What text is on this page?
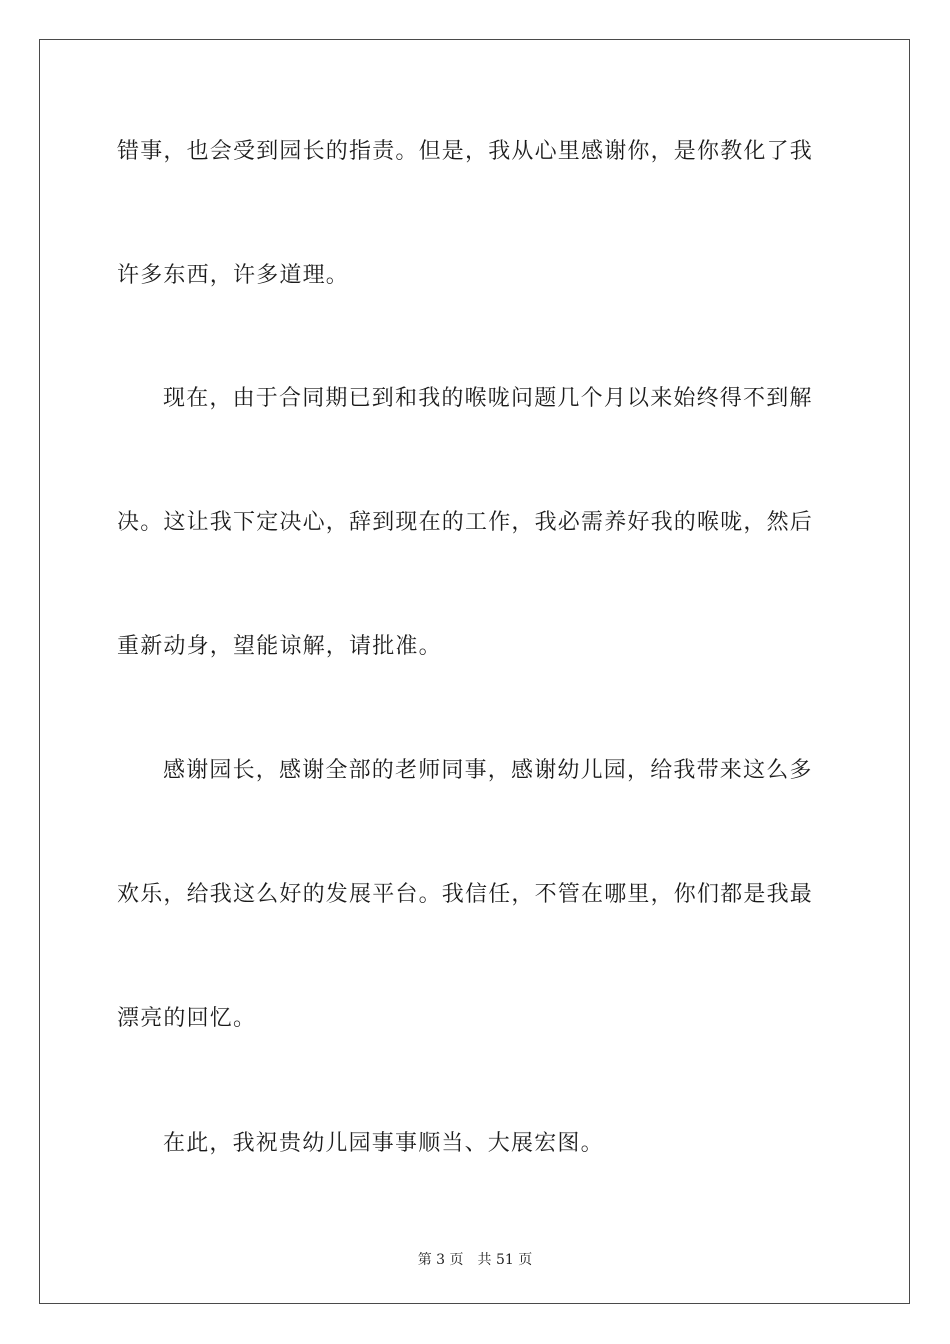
错事，也会受到园长的指责。但是，我从心里感谢你，是你教化了我
许多东西，许多道理。
现在，由于合同期已到和我的喉咙问题几个月以来始终得不到解
决。这让我下定决心，辞到现在的工作，我必需养好我的喉咙，然后
重新动身，望能谅解，请批准。
感谢园长，感谢全部的老师同事，感谢幼儿园，给我带来这么多
欢乐，给我这么好的发展平台。我信任，不管在哪里，你们都是我最
漂亮的回忆。
在此，我祝贵幼儿园事事顺当、大展宏图。
第 3 页 共 51 页
